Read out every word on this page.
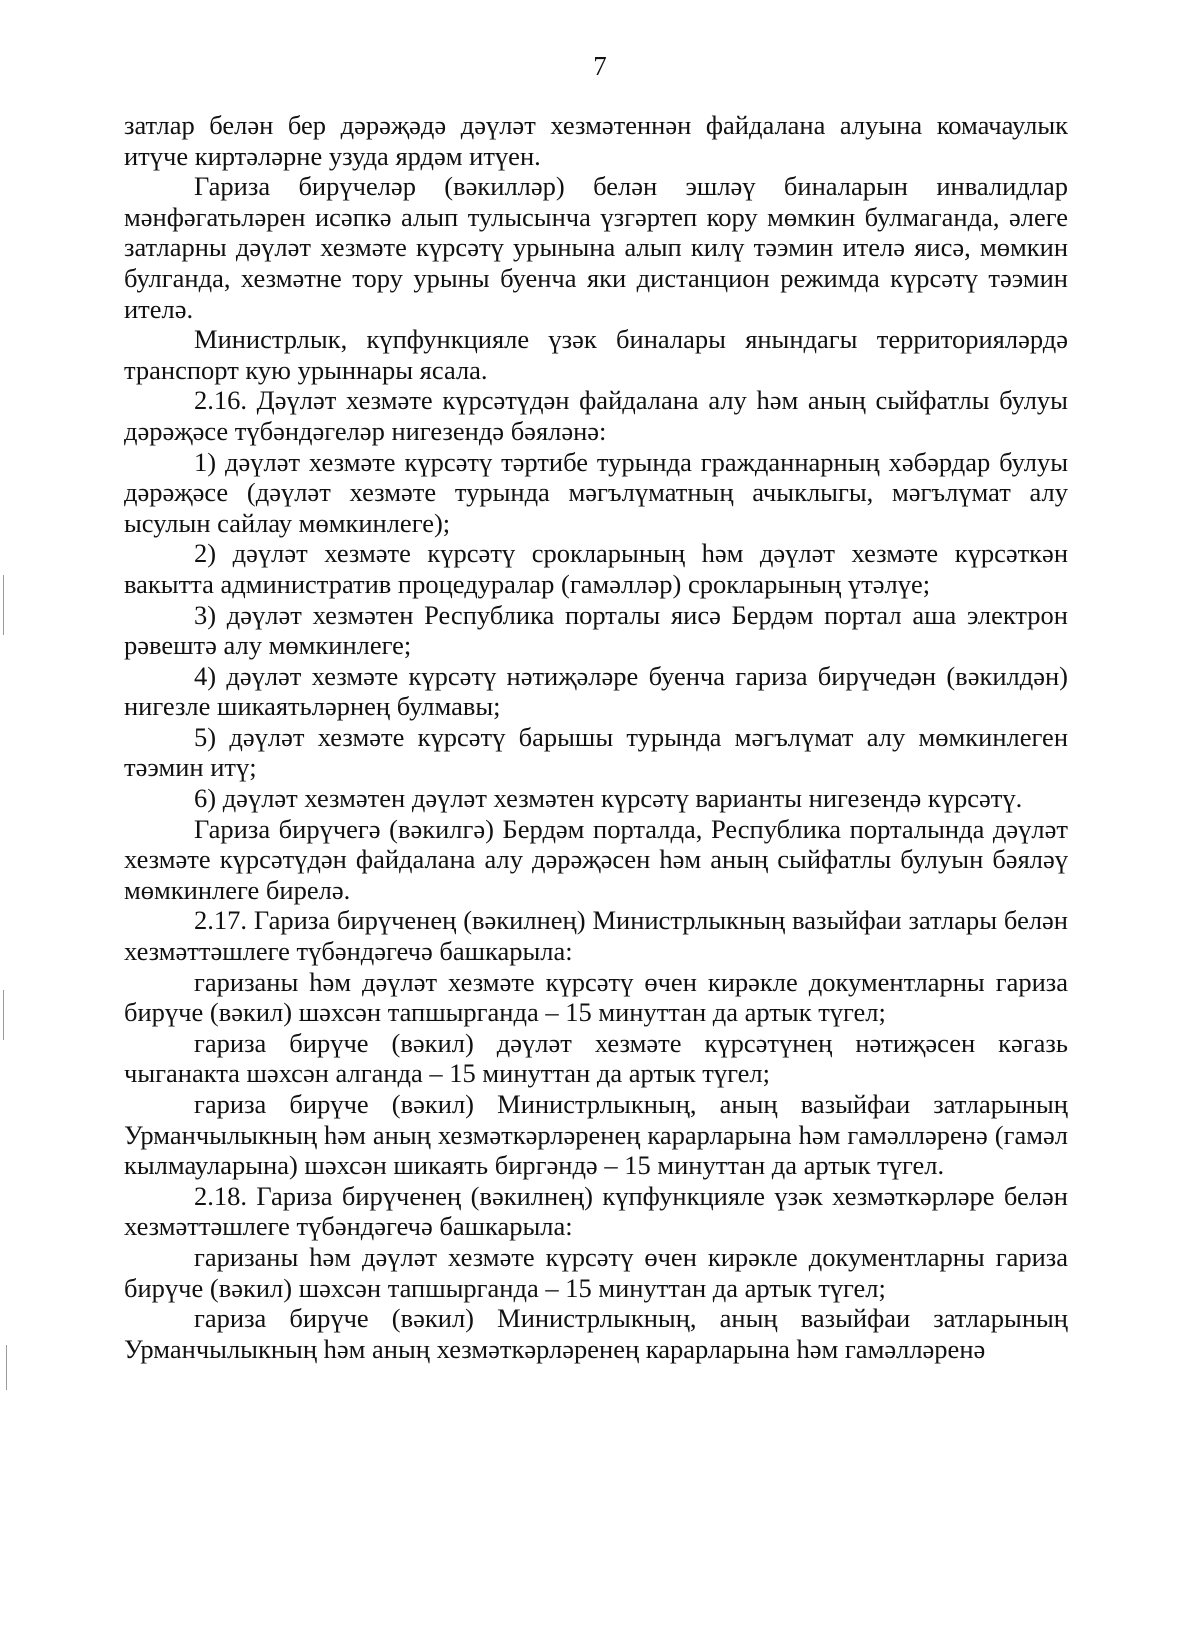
7

затлар белән бер дәрәҗәдә дәүләт хезмәтеннән файдалана алуына комачаулык итүче киртәләрне узуда ярдәм итүен.

Гариза бирүчеләр (вәкилләр) белән эшләү биналарын инвалидлар мәнфәгатьләрен исәпкә алып тулысынча үзгәртеп кору мөмкин булмаганда, әлеге затларны дәүләт хезмәте күрсәтү урынына алып килү тәэмин ителә яисә, мөмкин булганда, хезмәтне тору урыны буенча яки дистанцион режимда күрсәтү тәэмин ителә.

Министрлык, күпфункцияле үзәк биналары янындагы территорияләрдә транспорт кую урыннары ясала.

2.16. Дәүләт хезмәте күрсәтүдән файдалана алу һәм аның сыйфатлы булуы дәрәҗәсе түбәндәгеләр нигезендә бәяләнә:

1) дәүләт хезмәте күрсәтү тәртибе турында гражданнарның хәбәрдар булуы дәрәҗәсе (дәүләт хезмәте турында мәгълүматның ачыклыгы, мәгълүмат алу ысулын сайлау мөмкинлеге);

2) дәүләт хезмәте күрсәтү срокларының һәм дәүләт хезмәте күрсәткән вакытта административ процедуралар (гамәлләр) срокларының үтәлүе;

3) дәүләт хезмәтен Республика порталы яисә Бердәм портал аша электрон рәвештә алу мөмкинлеге;

4) дәүләт хезмәте күрсәтү нәтиҗәләре буенча гариза бирүчедән (вәкилдән) нигезле шикаятьләрнең булмавы;

5) дәүләт хезмәте күрсәтү барышы турында мәгълүмат алу мөмкинлеген тәэмин итү;

6) дәүләт хезмәтен дәүләт хезмәтен күрсәтү варианты нигезендә күрсәтү.

Гариза бирүчегә (вәкилгә) Бердәм порталда, Республика порталында дәүләт хезмәте күрсәтүдән файдалана алу дәрәҗәсен һәм аның сыйфатлы булуын бәяләү мөмкинлеге бирелә.

2.17. Гариза бирүченең (вәкилнең) Министрлыкның вазыйфаи затлары белән хезмәттәшлеге түбәндәгечә башкарыла:

гаризаны һәм дәүләт хезмәте күрсәтү өчен кирәкле документларны гариза бирүче (вәкил) шәхсән тапшырганда – 15 минуттан да артык түгел;

гариза бирүче (вәкил) дәүләт хезмәте күрсәтүнең нәтиҗәсен кәгазь чыганакта шәхсән алганда – 15 минуттан да артык түгел;

гариза бирүче (вәкил) Министрлыкның, аның вазыйфаи затларының Урманчылыкның һәм аның хезмәткәрләренең карарларына һәм гамәлләренә (гамәл кылмауларына) шәхсән шикаять биргәндә – 15 минуттан да артык түгел.

2.18. Гариза бирүченең (вәкилнең) күпфункцияле үзәк хезмәткәрләре белән хезмәттәшлеге түбәндәгечә башкарыла:

гаризаны һәм дәүләт хезмәте күрсәтү өчен кирәкле документларны гариза бирүче (вәкил) шәхсән тапшырганда – 15 минуттан да артык түгел;

гариза бирүче (вәкил) Министрлыкның, аның вазыйфаи затларының Урманчылыкның һәм аның хезмәткәрләренең карарларына һәм гамәлләренә
